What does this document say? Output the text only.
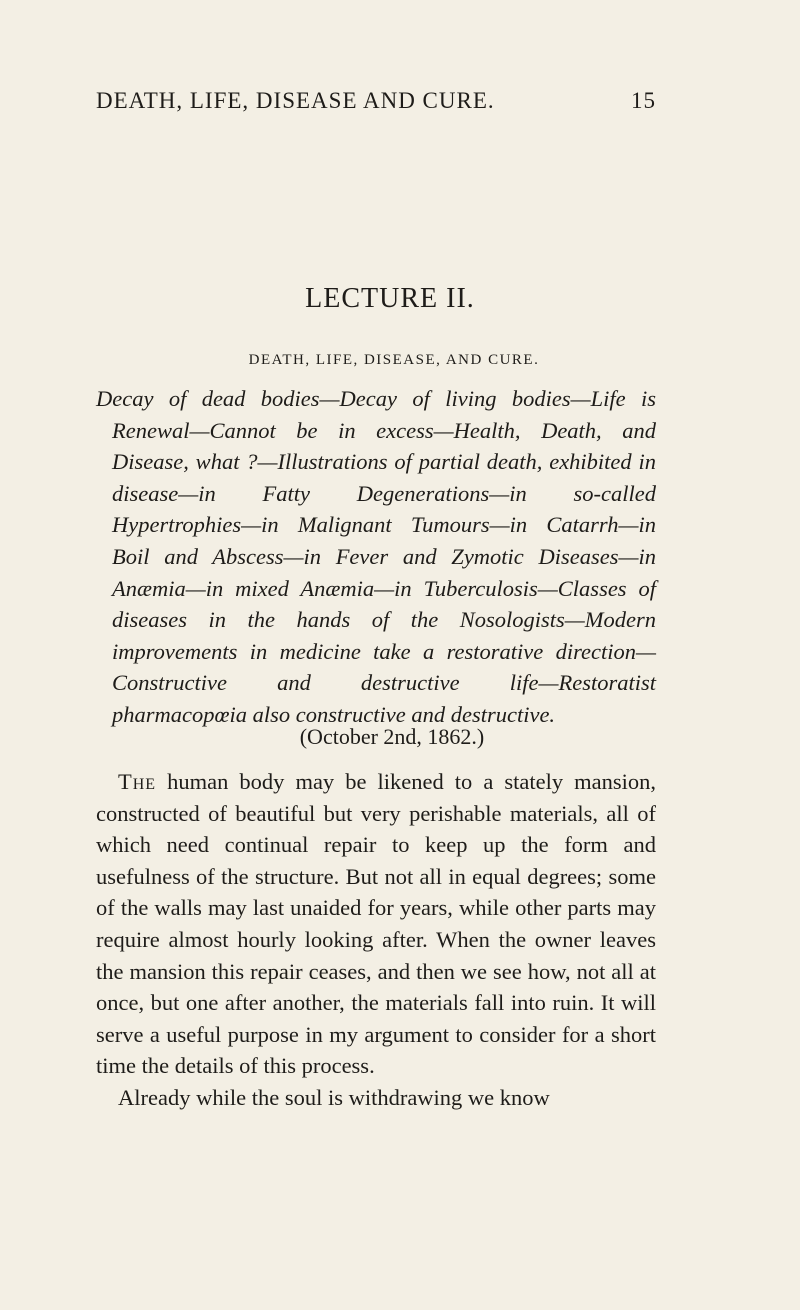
DEATH, LIFE, DISEASE AND CURE.	15
LECTURE II.
DEATH, LIFE, DISEASE, AND CURE.
Decay of dead bodies—Decay of living bodies—Life is Renewal—Cannot be in excess—Health, Death, and Disease, what ?—Illustrations of partial death, exhibited in disease—in Fatty Degenerations—in so-called Hypertrophies—in Malignant Tumours—in Catarrh—in Boil and Abscess—in Fever and Zymotic Diseases—in Anæmia—in mixed Anæmia—in Tuberculosis—Classes of diseases in the hands of the Nosologists—Modern improvements in medicine take a restorative direction—Constructive and destructive life—Restoratist pharmacopœia also constructive and destructive.
(October 2nd, 1862.)

The human body may be likened to a stately mansion, constructed of beautiful but very perishable materials, all of which need continual repair to keep up the form and usefulness of the structure. But not all in equal degrees; some of the walls may last unaided for years, while other parts may require almost hourly looking after. When the owner leaves the mansion this repair ceases, and then we see how, not all at once, but one after another, the materials fall into ruin. It will serve a useful purpose in my argument to consider for a short time the details of this process.

Already while the soul is withdrawing we know
